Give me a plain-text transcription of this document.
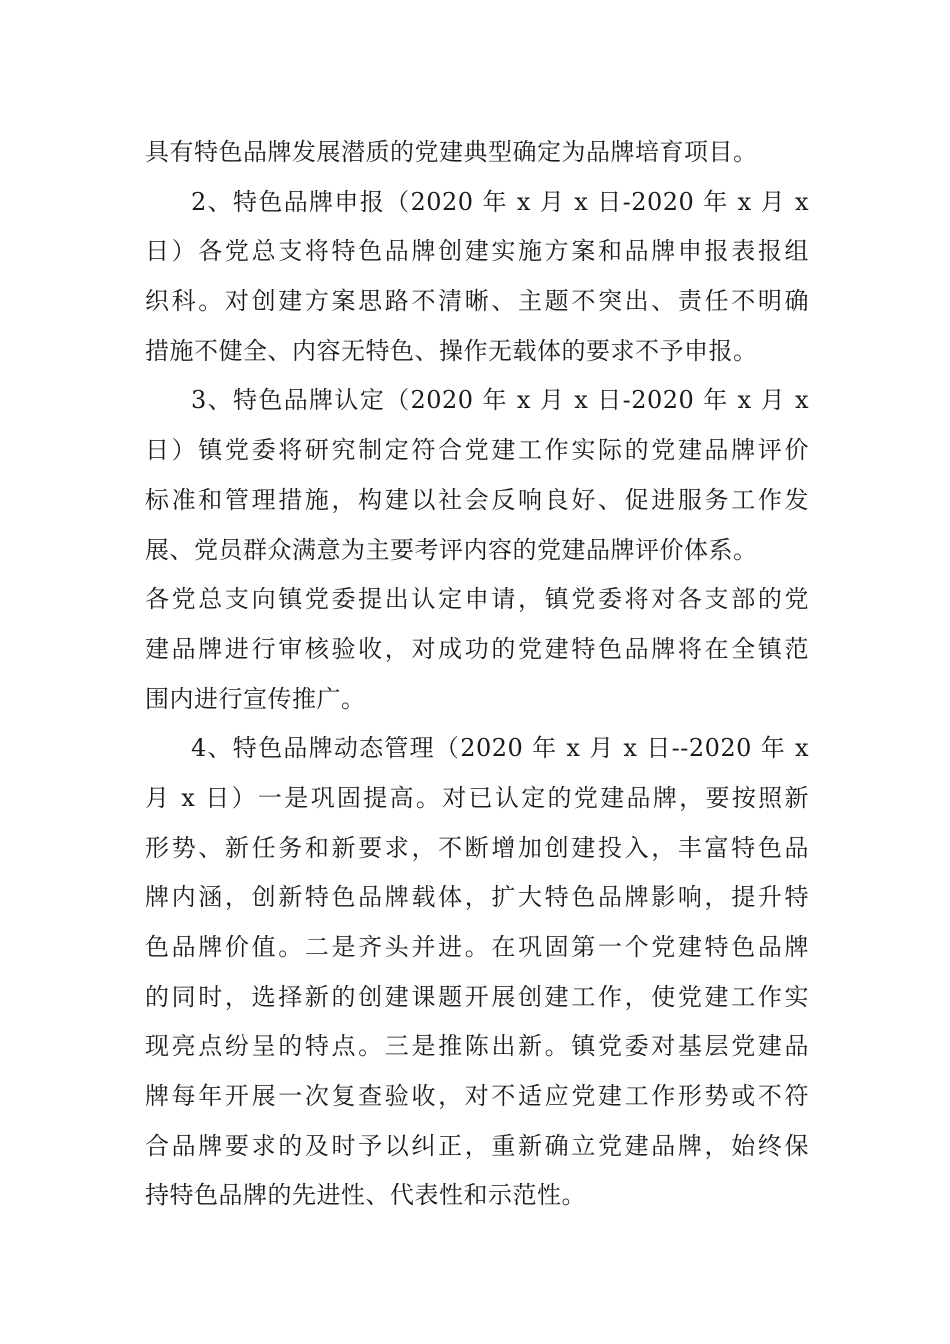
具有特色品牌发展潜质的党建典型确定为品牌培育项目。
2、特色品牌申报（2020 年 x 月 x 日-2020 年 x 月 x
日）各党总支将特色品牌创建实施方案和品牌申报表报组
织科。对创建方案思路不清晰、主题不突出、责任不明确
措施不健全、内容无特色、操作无载体的要求不予申报。
3、特色品牌认定（2020 年 x 月 x 日-2020 年 x 月 x
日）镇党委将研究制定符合党建工作实际的党建品牌评价
标准和管理措施，构建以社会反响良好、促进服务工作发
展、党员群众满意为主要考评内容的党建品牌评价体系。
各党总支向镇党委提出认定申请，镇党委将对各支部的党
建品牌进行审核验收，对成功的党建特色品牌将在全镇范
围内进行宣传推广。
4、特色品牌动态管理（2020 年 x 月 x 日--2020 年 x
月 x 日）一是巩固提高。对已认定的党建品牌，要按照新
形势、新任务和新要求，不断增加创建投入，丰富特色品
牌内涵，创新特色品牌载体，扩大特色品牌影响，提升特
色品牌价值。二是齐头并进。在巩固第一个党建特色品牌
的同时，选择新的创建课题开展创建工作，使党建工作实
现亮点纷呈的特点。三是推陈出新。镇党委对基层党建品
牌每年开展一次复查验收，对不适应党建工作形势或不符
合品牌要求的及时予以纠正，重新确立党建品牌，始终保
持特色品牌的先进性、代表性和示范性。
